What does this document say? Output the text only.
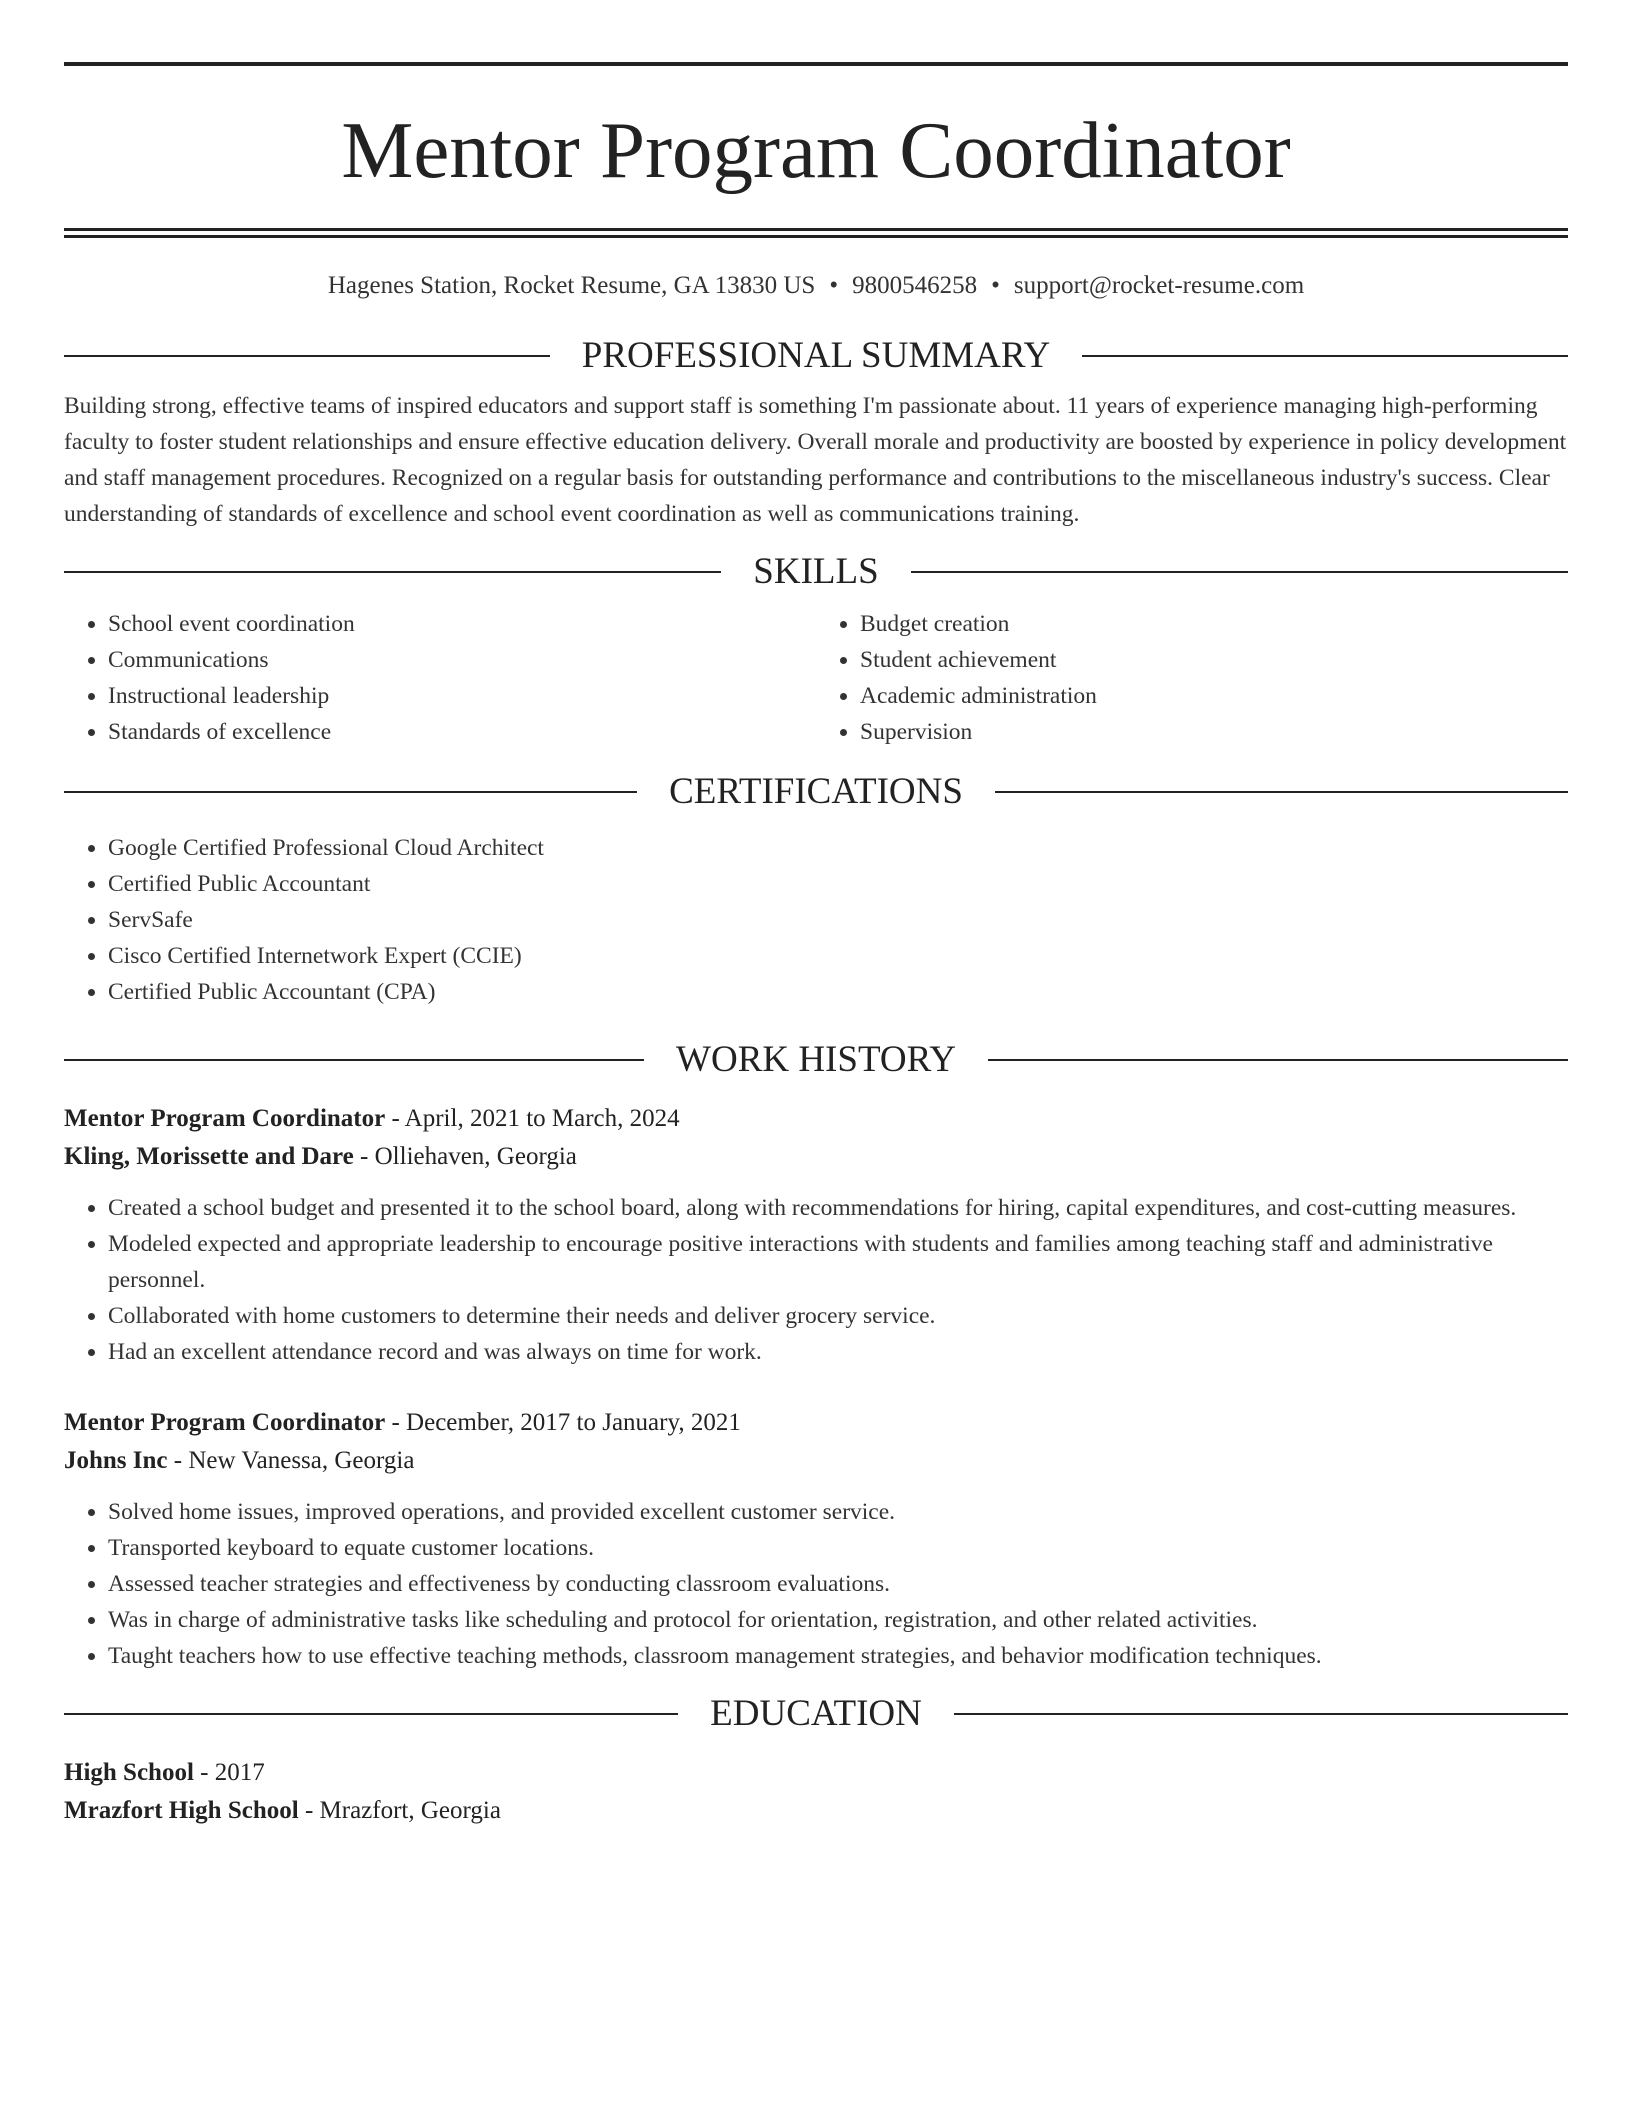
Mentor Program Coordinator
Hagenes Station, Rocket Resume, GA 13830 US • 9800546258 • support@rocket-resume.com
PROFESSIONAL SUMMARY

Building strong, effective teams of inspired educators and support staff is something I'm passionate about. 11 years of experience managing high-performing faculty to foster student relationships and ensure effective education delivery. Overall morale and productivity are boosted by experience in policy development and staff management procedures. Recognized on a regular basis for outstanding performance and contributions to the miscellaneous industry's success. Clear understanding of standards of excellence and school event coordination as well as communications training.

SKILLS
• School event coordination
• Communications
• Instructional leadership
• Standards of excellence
• Budget creation
• Student achievement
• Academic administration
• Supervision
CERTIFICATIONS
• Google Certified Professional Cloud Architect
• Certified Public Accountant
• ServSafe
• Cisco Certified Internetwork Expert (CCIE)
• Certified Public Accountant (CPA)
WORK HISTORY
Mentor Program Coordinator - April, 2021 to March, 2024
Kling, Morissette and Dare - Olliehaven, Georgia
• Created a school budget and presented it to the school board, along with recommendations for hiring, capital expenditures, and cost-cutting measures.
• Modeled expected and appropriate leadership to encourage positive interactions with students and families among teaching staff and administrative personnel.
• Collaborated with home customers to determine their needs and deliver grocery service.
• Had an excellent attendance record and was always on time for work.
Mentor Program Coordinator - December, 2017 to January, 2021
Johns Inc - New Vanessa, Georgia
• Solved home issues, improved operations, and provided excellent customer service.
• Transported keyboard to equate customer locations.
• Assessed teacher strategies and effectiveness by conducting classroom evaluations.
• Was in charge of administrative tasks like scheduling and protocol for orientation, registration, and other related activities.
• Taught teachers how to use effective teaching methods, classroom management strategies, and behavior modification techniques.
EDUCATION
High School - 2017
Mrazfort High School - Mrazfort, Georgia
